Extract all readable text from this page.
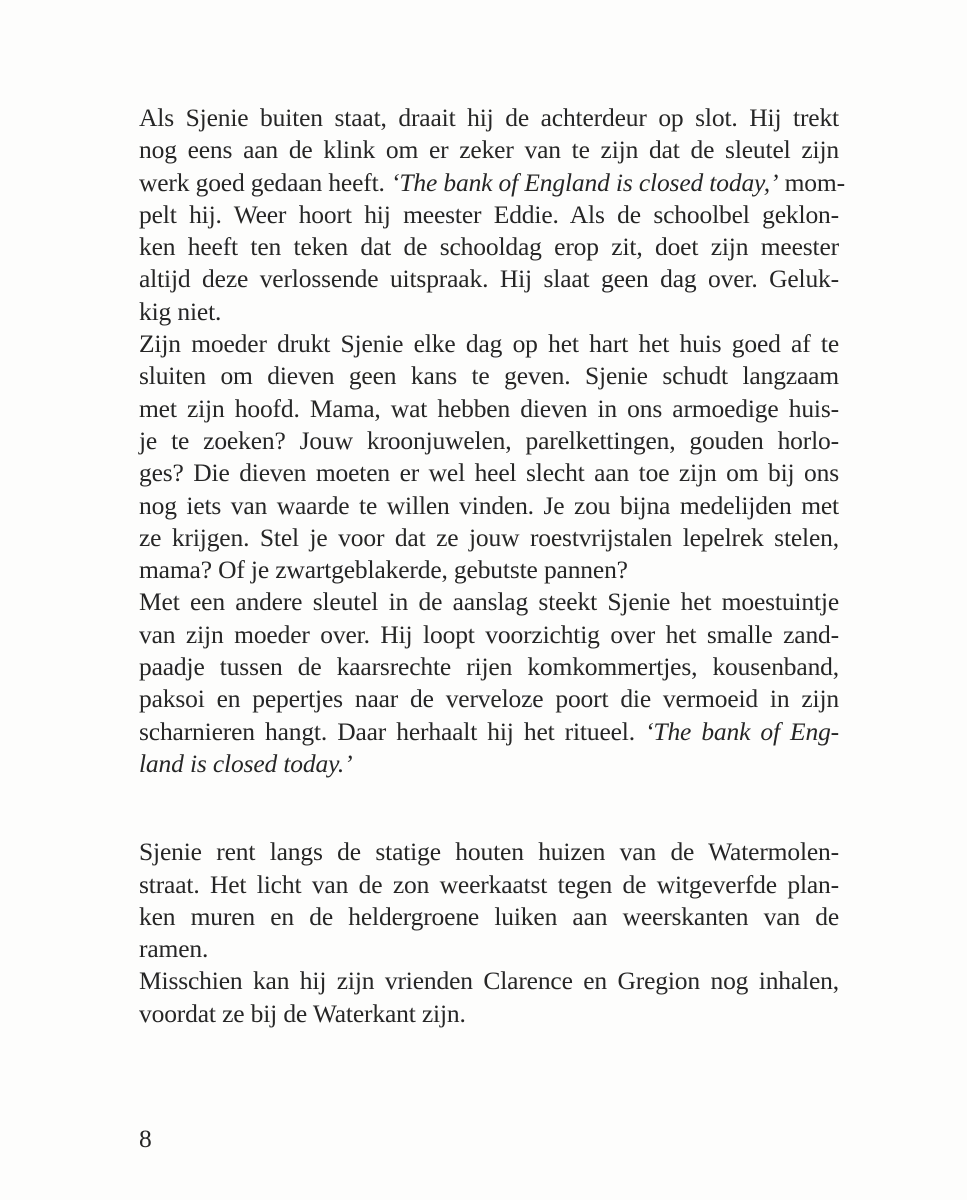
Als Sjenie buiten staat, draait hij de achterdeur op slot. Hij trekt
nog eens aan de klink om er zeker van te zijn dat de sleutel zijn
werk goed gedaan heeft. ‘The bank of England is closed today,’ mom-
pelt hij. Weer hoort hij meester Eddie. Als de schoolbel geklon-
ken heeft ten teken dat de schooldag erop zit, doet zijn meester
altijd deze verlossende uitspraak. Hij slaat geen dag over. Geluk-
kig niet.
Zijn moeder drukt Sjenie elke dag op het hart het huis goed af te
sluiten om dieven geen kans te geven. Sjenie schudt langzaam
met zijn hoofd. Mama, wat hebben dieven in ons armoedige huis-
je te zoeken? Jouw kroonjuwelen, parelkettingen, gouden horlo-
ges? Die dieven moeten er wel heel slecht aan toe zijn om bij ons
nog iets van waarde te willen vinden. Je zou bijna medelijden met
ze krijgen. Stel je voor dat ze jouw roestvrijstalen lepelrek stelen,
mama? Of je zwartgeblakerde, gebutste pannen?
Met een andere sleutel in de aanslag steekt Sjenie het moestuintje
van zijn moeder over. Hij loopt voorzichtig over het smalle zand-
paadje tussen de kaarsrechte rijen komkommertjes, kousenband,
paksoi en pepertjes naar de verveloze poort die vermoeid in zijn
scharnieren hangt. Daar herhaalt hij het ritueel. ‘The bank of Eng-
land is closed today.’
Sjenie rent langs de statige houten huizen van de Watermolen-
straat. Het licht van de zon weerkaatst tegen de witgeverfde plan-
ken muren en de heldergroene luiken aan weerskanten van de
ramen.
Misschien kan hij zijn vrienden Clarence en Gregion nog inhalen,
voordat ze bij de Waterkant zijn.
8
